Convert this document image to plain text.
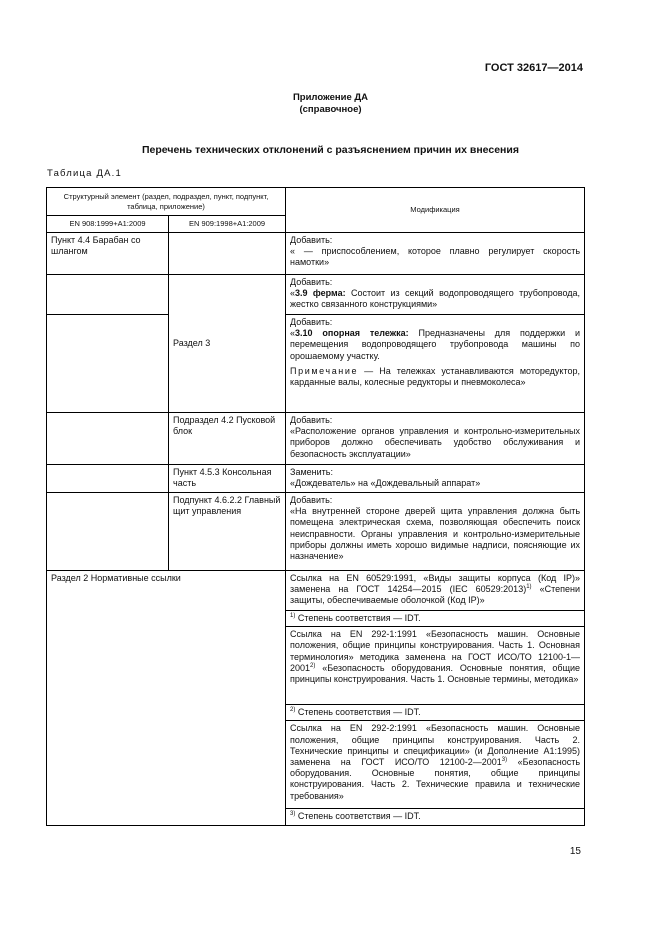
ГОСТ 32617—2014
Приложение ДА
(справочное)
Перечень технических отклонений с разъяснением причин их внесения
Таблица ДА.1
Структурный элемент (раздел, подраздел, пункт, подпункт, таблица, приложение)		Модификация
EN 908:1999+A1:2009	EN 909:1998+A1:2009	
Пункт 4.4 Барабан со шлангом		Добавить:
« — приспособлением, которое плавно регулирует скорость намотки»
	Раздел 3	Добавить:
«3.9 ферма: Состоит из секций водопроводящего трубопровода, жестко связанного конструкциями»

		Добавить:
«3.10 опорная тележка: Предназначены для поддержки и перемещения водопроводящего трубопровода машины по орошаемому участку.
Примечание — На тележках устанавливаются моторедуктор, карданные валы, колесные редукторы и пневмоколеса»

	Подраздел 4.2 Пусковой блок	Добавить:
«Расположение органов управления и контрольно-измерительных приборов должно обеспечивать удобство обслуживания и безопасность эксплуатации»
	Пункт 4.5.3 Консольная часть	Заменить:
«Дождеватель» на «Дождевальный аппарат»
	Подпункт 4.6.2.2 Главный щит управления	Добавить:
«На внутренней стороне дверей щита управления должна быть помещена электрическая схема, позволяющая обеспечить поиск неисправности. Органы управления и контрольно-измерительные приборы должны иметь хорошо видимые надписи, поясняющие их назначение»
Раздел 2 Нормативные ссылки		Ссылка на EN 60529:1991, «Виды защиты корпуса (Код IP)» заменена на ГОСТ 14254—2015 (IEC 60529:2013)$^{1)}$ «Степени защиты, обеспечиваемые оболочкой (Код IP)»
		$^{1)}$ Степень соответствия — IDT.
		Ссылка на EN 292-1:1991 «Безопасность машин. Основные положения, общие принципы конструирования. Часть 1. Основная терминология» методика заменена на ГОСТ ИСО/ТО 12100-1—2001$^{2)}$ «Безопасность оборудования. Основные понятия, общие принципы конструирования. Часть 1. Основные термины, методика»
		$^{2)}$ Степень соответствия — IDT.
		Ссылка на EN 292-2:1991 «Безопасность машин. Основные положения, общие принципы конструирования. Часть 2. Технические принципы и спецификации» (и Дополнение A1:1995) заменена на ГОСТ ИСО/ТО 12100-2—2001$^{3)}$ «Безопасность оборудования. Основные понятия, общие принципы конструирования. Часть 2. Технические правила и технические требования»
		$^{3)}$ Степень соответствия — IDT.
15
